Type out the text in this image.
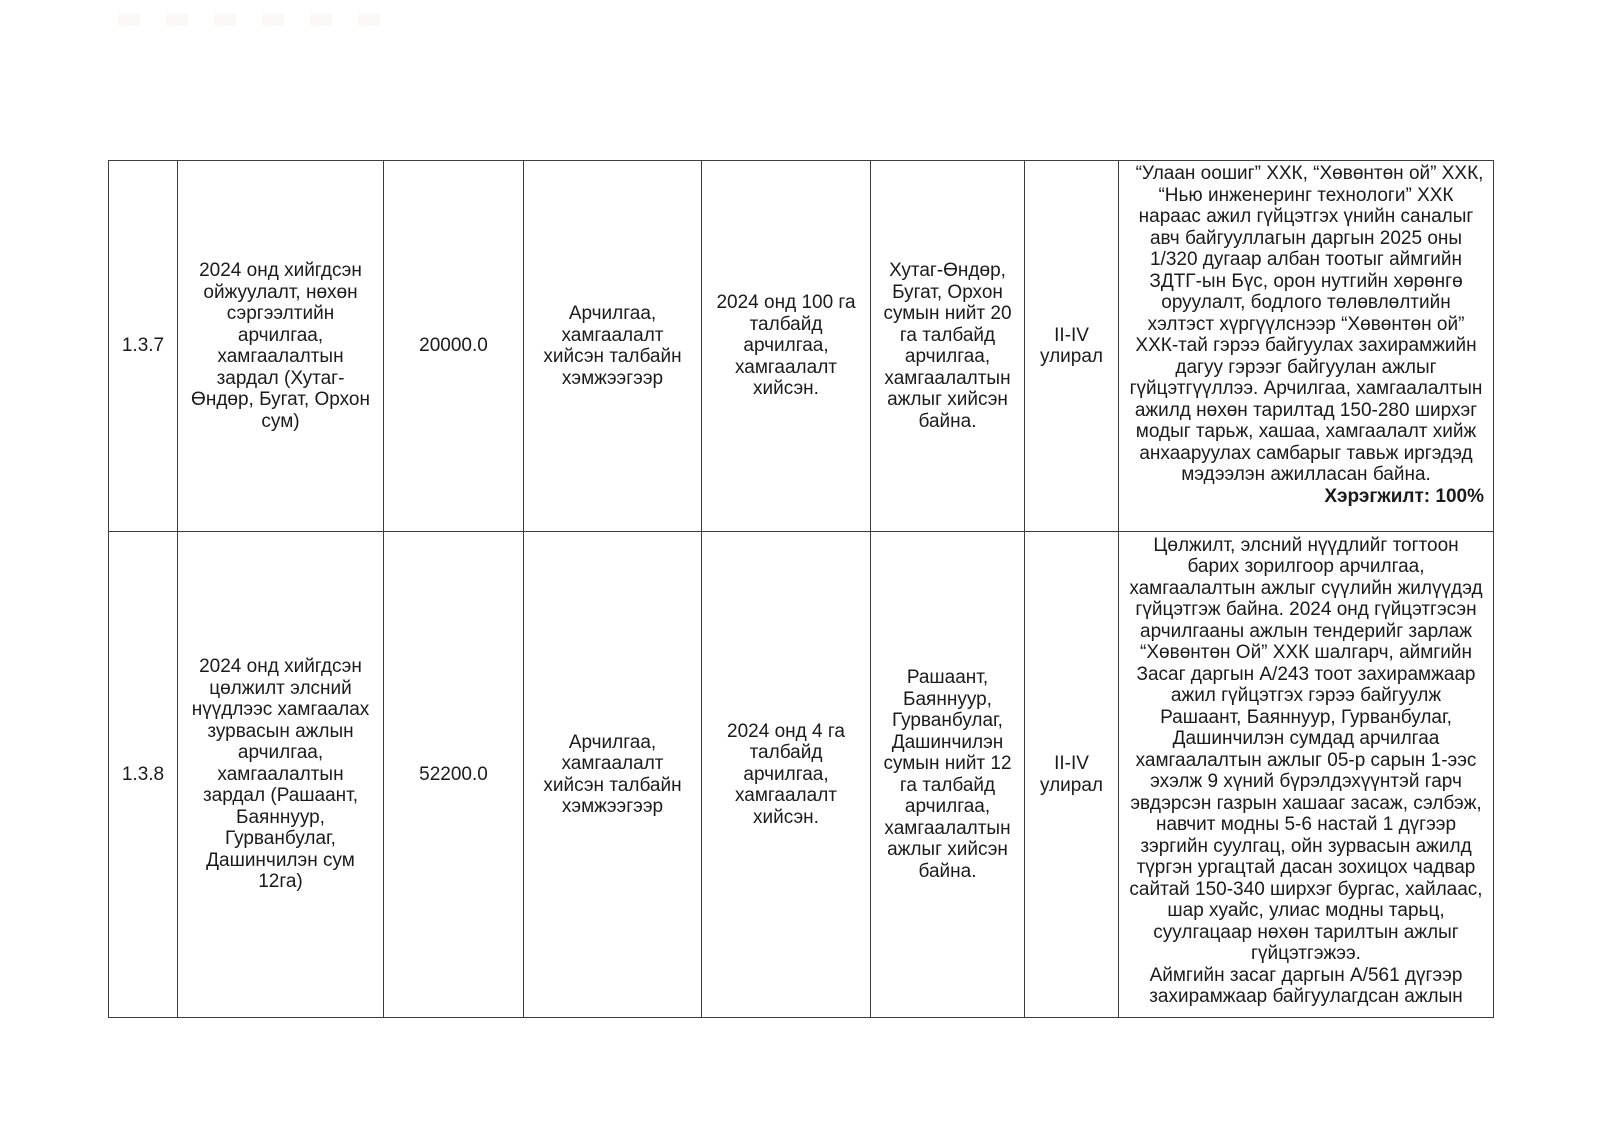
1.3.7	2024 онд хийгдсэн ойжуулалт, нөхөн сэргээлтийн арчилгаа, хамгаалалтын зардал (Хутаг-Өндөр, Бугат, Орхон сум)	20000.0	Арчилгаа, хамгаалалт хийсэн талбайн хэмжээгээр	2024 онд 100 га талбайд арчилгаа, хамгаалалт хийсэн.	Хутаг-Өндөр, Бугат, Орхон сумын нийт 20 га талбайд арчилгаа, хамгаалалтын ажлыг хийсэн байна.	II-IV улирал	“Улаан оошиг” ХХК, “Хөвөнтөн ой” ХХК, “Нью инженеринг технологи” ХХК нараас ажил гүйцэтгэх үнийн саналыг авч байгууллагын даргын 2025 оны 1/320 дугаар албан тоотыг аймгийн ЗДТГ-ын Бүс, орон нутгийн хөрөнгө оруулалт, бодлого төлөвлөлтийн хэлтэст хүргүүлснээр “Хөвөнтөн ой” ХХК-тай гэрээ байгуулах захирамжийн дагуу гэрээг байгуулан ажлыг гүйцэтгүүллээ. Арчилгаа, хамгаалалтын ажилд нөхөн тарилтад 150-280 ширхэг модыг тарьж, хашаа, хамгаалалт хийж анхааруулах самбарыг тавьж иргэдэд мэдээлэн ажилласан байна.

Хэрэгжилт: 100%

1.3.8	2024 онд хийгдсэн цөлжилт элсний нүүдлээс хамгаалах зурвасын ажлын арчилгаа, хамгаалалтын зардал (Рашаант, Баяннуур, Гурванбулаг, Дашинчилэн сум 12га)	52200.0	Арчилгаа, хамгаалалт хийсэн талбайн хэмжээгээр	2024 онд 4 га талбайд арчилгаа, хамгаалалт хийсэн.	Рашаант, Баяннуур, Гурванбулаг, Дашинчилэн сумын нийт 12 га талбайд арчилгаа, хамгаалалтын ажлыг хийсэн байна.	II-IV улирал	Цөлжилт, элсний нүүдлийг тогтоон барих зорилгоор арчилгаа, хамгаалалтын ажлыг сүүлийн жилүүдэд гүйцэтгэж байна. 2024 онд гүйцэтгэсэн арчилгааны ажлын тендерийг зарлаж “Хөвөнтөн Ой” ХХК шалгарч, аймгийн Засаг даргын А/243 тоот захирамжаар ажил гүйцэтгэх гэрээ байгуулж Рашаант, Баяннуур, Гурванбулаг, Дашинчилэн сумдад арчилгаа хамгаалалтын ажлыг 05-р сарын 1-ээс эхэлж 9 хүний бүрэлдэхүүнтэй гарч эвдэрсэн газрын хашааг засаж, сэлбэж, навчит модны 5-6 настай 1 дүгээр зэргийн суулгац, ойн зурвасын ажилд түргэн ургацтай дасан зохицох чадвар сайтай 150-340 ширхэг бургас, хайлаас, шар хуайс, улиас модны тарьц, суулгацаар нөхөн тарилтын ажлыг гүйцэтгэжээ.

Аймгийн засаг даргын А/561 дүгээр захирамжаар байгуулагдсан ажлын
